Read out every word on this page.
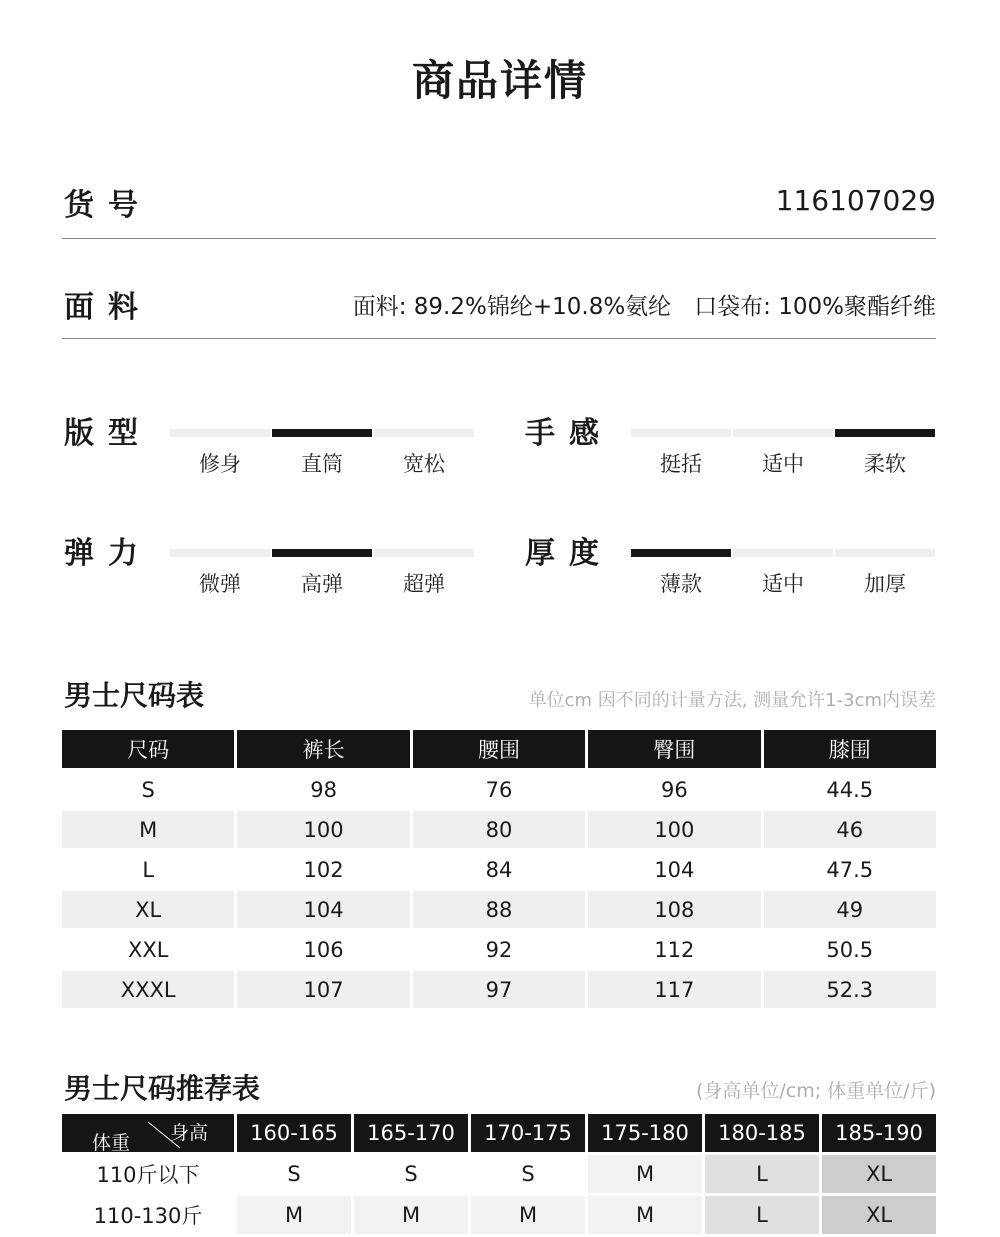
商品详情
货号	116107029
面料	面料: 89.2%锦纶+10.8%氨纶　口袋布: 100%聚酯纤维
版型
修身	直筒	宽松
手感
挺括	适中	柔软
弹力
微弹	高弹	超弹
厚度
薄款	适中	加厚
男士尺码表	单位cm 因不同的计量方法, 测量允许1-3cm内误差
尺码	裤长	腰围	臀围	膝围
S	98	76	96	44.5
M	100	80	100	46
L	102	84	104	47.5
XL	104	88	108	49
XXL	106	92	112	50.5
XXXL	107	97	117	52.3
男士尺码推荐表	(身高单位/cm; 体重单位/斤)
体重 身高	160-165	165-170	170-175	175-180	180-185	185-190
110斤以下	S	S	S	M	L	XL
110-130斤	M	M	M	M	L	XL
